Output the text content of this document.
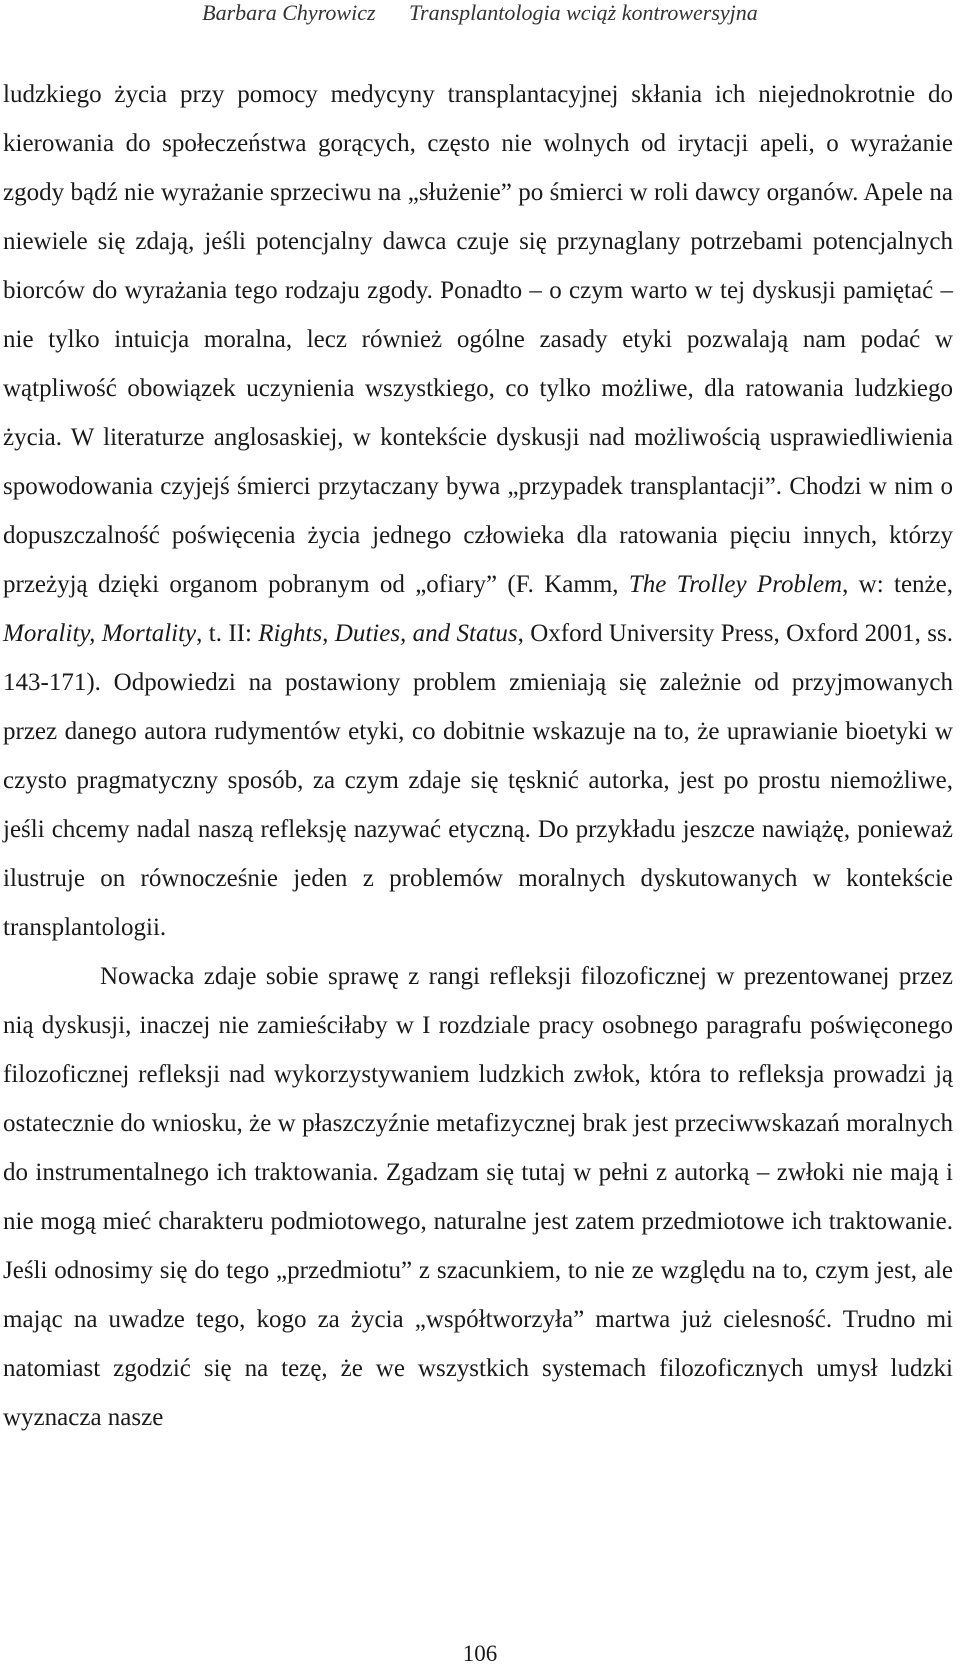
Barbara Chyrowicz Transplantologia wciąż kontrowersyjna

ludzkiego życia przy pomocy medycyny transplantacyjnej skłania ich niejednokrotnie do kierowania do społeczeństwa gorących, często nie wolnych od irytacji apeli, o wyrażanie zgody bądź nie wyrażanie sprzeciwu na „służenie” po śmierci w roli dawcy organów. Apele na niewiele się zdają, jeśli potencjalny dawca czuje się przynaglany potrzebami potencjalnych biorców do wyrażania tego rodzaju zgody. Ponadto – o czym warto w tej dyskusji pamiętać – nie tylko intuicja moralna, lecz również ogólne zasady etyki pozwalają nam podać w wątpliwość obowiązek uczynienia wszystkiego, co tylko możliwe, dla ratowania ludzkiego życia. W literaturze anglosaskiej, w kontekście dyskusji nad możliwością usprawiedliwienia spowodowania czyjejś śmierci przytaczany bywa „przypadek transplantacji”. Chodzi w nim o dopuszczalność poświęcenia życia jednego człowieka dla ratowania pięciu innych, którzy przeżyją dzięki organom pobranym od „ofiary” (F. Kamm, The Trolley Problem, w: tenże, Morality, Mortality, t. II: Rights, Duties, and Status, Oxford University Press, Oxford 2001, ss. 143-171). Odpowiedzi na postawiony problem zmieniają się zależnie od przyjmowanych przez danego autora rudymentów etyki, co dobitnie wskazuje na to, że uprawianie bioetyki w czysto pragmatyczny sposób, za czym zdaje się tęsknić autorka, jest po prostu niemożliwe, jeśli chcemy nadal naszą refleksję nazywać etyczną. Do przykładu jeszcze nawiążę, ponieważ ilustruje on równocześnie jeden z problemów moralnych dyskutowanych w kontekście transplantologii.

Nowacka zdaje sobie sprawę z rangi refleksji filozoficznej w prezentowanej przez nią dyskusji, inaczej nie zamieściłaby w I rozdziale pracy osobnego paragrafu poświęconego filozoficznej refleksji nad wykorzystywaniem ludzkich zwłok, która to refleksja prowadzi ją ostatecznie do wniosku, że w płaszczyźnie metafizycznej brak jest przeciwwskazań moralnych do instrumentalnego ich traktowania. Zgadzam się tutaj w pełni z autorką – zwłoki nie mają i nie mogą mieć charakteru podmiotowego, naturalne jest zatem przedmiotowe ich traktowanie. Jeśli odnosimy się do tego „przedmiotu” z szacunkiem, to nie ze względu na to, czym jest, ale mając na uwadze tego, kogo za życia „współtworzyła” martwa już cielesność. Trudno mi natomiast zgodzić się na tezę, że we wszystkich systemach filozoficznych umysł ludzki wyznacza nasze

106
